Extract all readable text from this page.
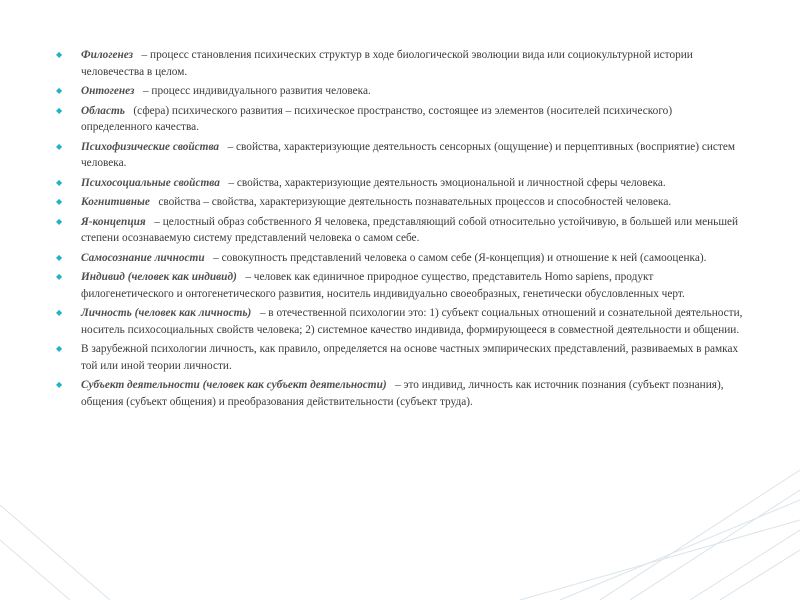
◆ Филогенез – процесс становления психических структур в ходе биологической эволюции вида или социокультурной истории человечества в целом.
◆ Онтогенез – процесс индивидуального развития человека.
◆ Область (сфера) психического развития – психическое пространство, состоящее из элементов (носителей психического) определенного качества.
◆ Психофизические свойства – свойства, характеризующие деятельность сенсорных (ощущение) и перцептивных (восприятие) систем человека.
◆ Психосоциальные свойства – свойства, характеризующие деятельность эмоциональной и личностной сферы человека.
◆ Когнитивные свойства – свойства, характеризующие деятельность познавательных процессов и способностей человека.
◆ Я-концепция – целостный образ собственного Я человека, представляющий собой относительно устойчивую, в большей или меньшей степени осознаваемую систему представлений человека о самом себе.
◆ Самосознание личности – совокупность представлений человека о самом себе (Я-концепция) и отношение к ней (самооценка).
◆ Индивид (человек как индивид) – человек как единичное природное существо, представитель Homo sapiens, продукт филогенетического и онтогенетического развития, носитель индивидуально своеобразных, генетически обусловленных черт.
◆ Личность (человек как личность) – в отечественной психологии это: 1) субъект социальных отношений и сознательной деятельности, носитель психосоциальных свойств человека; 2) системное качество индивида, формирующееся в совместной деятельности и общении.
◆ В зарубежной психологии личность, как правило, определяется на основе частных эмпирических представлений, развиваемых в рамках той или иной теории личности.
◆ Субъект деятельности (человек как субъект деятельности) – это индивид, личность как источник познания (субъект познания), общения (субъект общения) и преобразования действительности (субъект труда).
